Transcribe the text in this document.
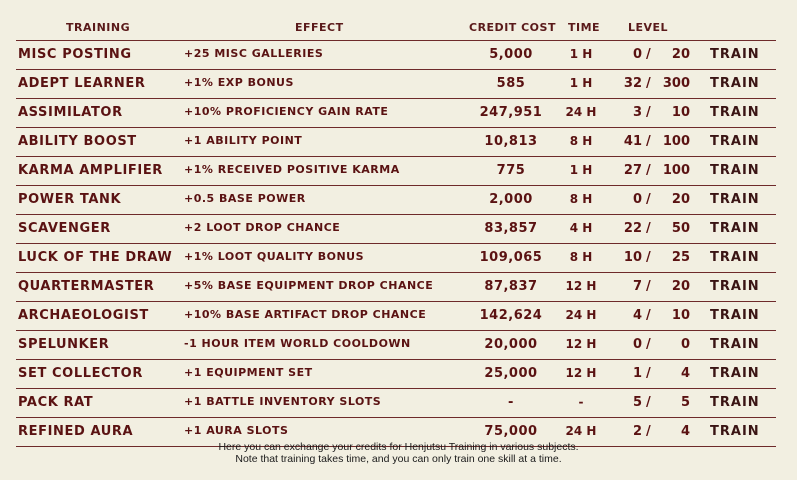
TRAINING	EFFECT	CREDIT COST TIME	LEVEL
MISC POSTING	+25 MISC GALLERIES	5,000	1 H	0 /	20 TRAIN
ADEPT LEARNER	+1% EXP BONUS	585	1 H	32 / 300 TRAIN
ASSIMILATOR	+10% PROFICIENCY GAIN RATE	247,951	24 H	3 /	10 TRAIN
ABILITY BOOST	+1 ABILITY POINT	10,813	8 H	41 / 100 TRAIN
KARMA AMPLIFIER +1% RECEIVED POSITIVE KARMA	775	1 H	27 / 100 TRAIN
POWER TANK	+0.5 BASE POWER	2,000	8 H	0 /	20 TRAIN
SCAVENGER	+2 LOOT DROP CHANCE	83,857	4 H	22 /	50 TRAIN
LUCK OF THE DRAW +1% LOOT QUALITY BONUS	109,065	8 H	10 /	25 TRAIN
QUARTERMASTER	+5% BASE EQUIPMENT DROP CHANCE	87,837	12 H	7 /	20 TRAIN
ARCHAEOLOGIST	+10% BASE ARTIFACT DROP CHANCE	142,624	24 H	4 /	10 TRAIN
SPELUNKER	-1 HOUR ITEM WORLD COOLDOWN	20,000	12 H	0 /	0 TRAIN
SET COLLECTOR	+1 EQUIPMENT SET	25,000	12 H	1 /	4 TRAIN
PACK RAT	+1 BATTLE INVENTORY SLOTS	-	-	5 /	5 TRAIN
REFINED AURA	+1 AURA SLOTS	75,000	24 H	2 /	4 TRAIN
Here you can exchange your credits for Henjutsu Training in various subjects.
Note that training takes time, and you can only train one skill at a time.
